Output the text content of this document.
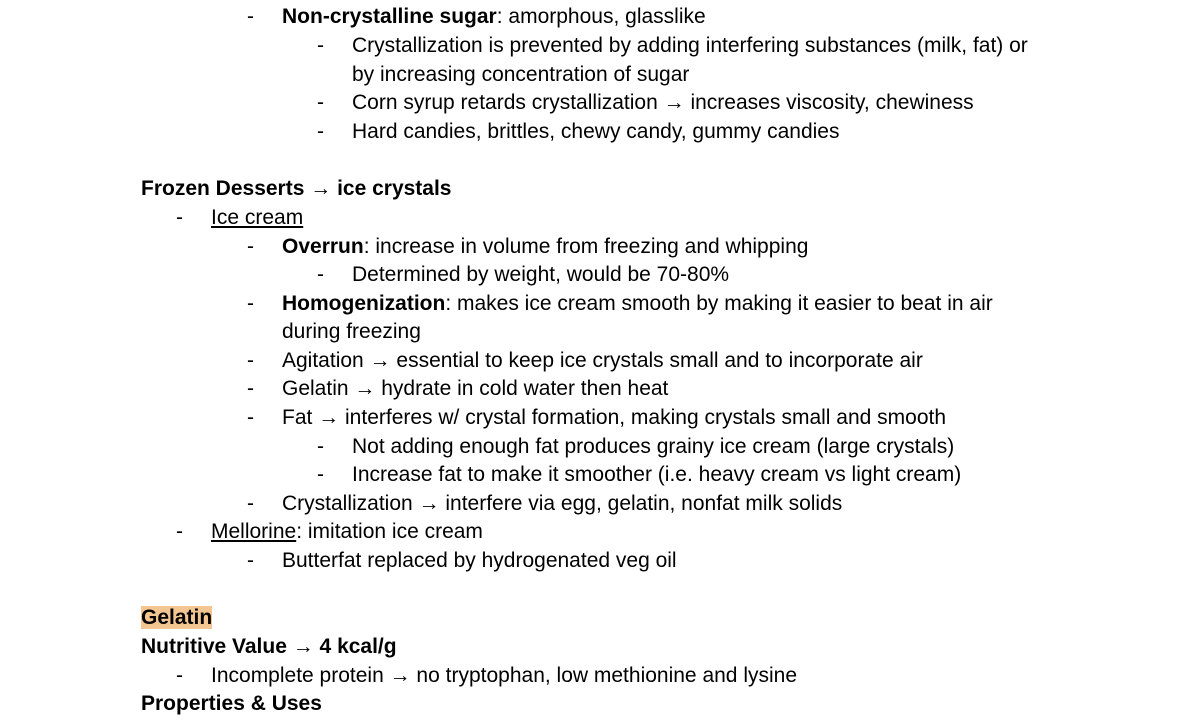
- Non-crystalline sugar: amorphous, glasslike
- Crystallization is prevented by adding interfering substances (milk, fat) or
by increasing concentration of sugar
- Corn syrup retards crystallization → increases viscosity, chewiness
- Hard candies, brittles, chewy candy, gummy candies
Frozen Desserts → ice crystals
- Ice cream
- Overrun: increase in volume from freezing and whipping
- Determined by weight, would be 70-80%
- Homogenization: makes ice cream smooth by making it easier to beat in air
during freezing
- Agitation → essential to keep ice crystals small and to incorporate air
- Gelatin → hydrate in cold water then heat
- Fat → interferes w/ crystal formation, making crystals small and smooth
- Not adding enough fat produces grainy ice cream (large crystals)
- Increase fat to make it smoother (i.e. heavy cream vs light cream)
- Crystallization → interfere via egg, gelatin, nonfat milk solids
- Mellorine: imitation ice cream
- Butterfat replaced by hydrogenated veg oil
Gelatin
Nutritive Value → 4 kcal/g
- Incomplete protein → no tryptophan, low methionine and lysine
Properties & Uses
